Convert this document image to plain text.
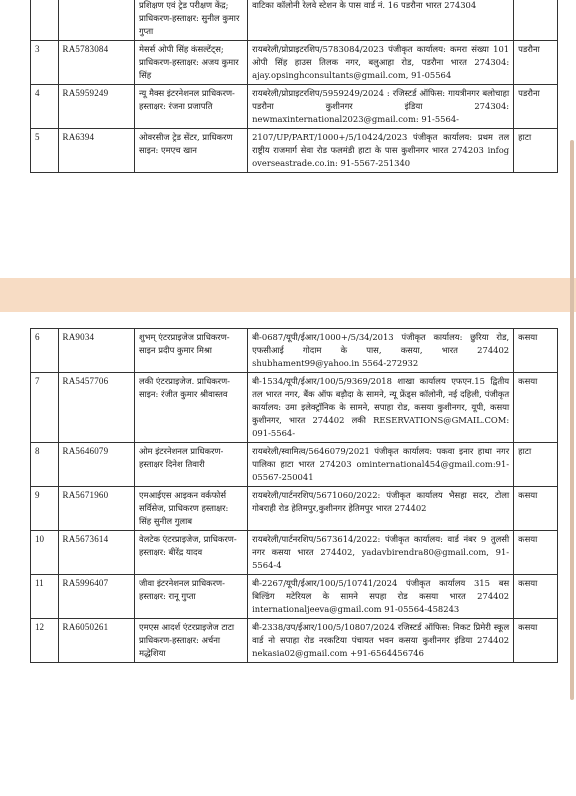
		प्रशिक्षण एवं ट्रेड परीक्षण केंद्र; प्राधिकरण-हस्ताक्षर: सुनील कुमार गुप्ता	वाटिका कॉलोनी रेलवे स्टेशन के पास वार्ड नं. 16 पडरौना भारत 274304	
3	RA5783084	मेसर्स ओपी सिंह कंसल्टेंट्स; प्राधिकरण-हस्ताक्षर: अजय कुमार सिंह	रायबरेली/प्रोप्राइटरशिप/5783084/2023 पंजीकृत कार्यालय: कमरा संख्या 101 ओपी सिंह हाउस तिलक नगर, बलुआहा रोड, पडरौना भारत 274304: ajay.opsinghconsultants@gmail.com, 91-05564	पडरौना
4	RA5959249	न्यू मैक्स इंटरनेशनल प्राधिकरण-हस्ताक्षर: रंजना प्रजापति	रायबरेली/प्रोप्राइटरशिप/5959249/2024 : रजिस्टर्ड ऑफिस: गायत्रीनगर बलोचाहा पडरौना कुशीनगर इंडिया 274304: newmaxinternational2023@gmail.com: 91-5564-	पडरौना
5	RA6394	ओवरसीज ट्रेड सेंटर, प्राधिकरण साइन: एमएच खान	2107/UP/PART/1000+/5/10424/2023 पंजीकृत कार्यालय: प्रथम तल राष्ट्रीय राजमार्ग सेवा रोड फलमंडी हाटा के पास कुशीनगर भारत 274203 infog overseastrade.co.in: 91-5567-251340	हाटा
6	RA9034	शुभम् एंटरप्राइजेज प्राधिकरण-साइन प्रदीप कुमार मिश्रा	बी-0687/यूपी/ईआर/1000+/5/34/2013 पंजीकृत कार्यालय: छुरिया रोड, एफसीआई गोदाम के पास, कसया, भारत 274402 shubhament99@yahoo.in 5564-272932	कसया
7	RA5457706	लकी एंटरप्राइजेज. प्राधिकरण-साइन: रंजीत कुमार श्रीवास्तव	बी-1534/यूपी/ईआर/100/5/9369/2018 शाखा कार्यालय एफएन.15 द्वितीय तल भारत नगर, बैंक ऑफ बड़ौदा के सामने, न्यू फ्रेंड्स कॉलोनी, नई दहिली, पंजीकृत कार्यालय: उमा इलेक्ट्रॉनिक के सामने, सपाहा रोड, कसया कुशीनगर, यूपी, कसया कुशीनगर, भारत 274402 लकी RESERVATIONS@GMAIL.COM: 091-5564-	कसया
8	RA5646079	ओम इंटरनेशनल प्राधिकरण-हस्ताक्षर दिनेश तिवारी	रायबरेली/स्वामित्व/5646079/2021 पंजीकृत कार्यालय: पकवा इनार हाथा नगर पालिका हाटा भारत 274203 ominternational454@gmail.com:91-05567-250041	हाटा
9	RA5671960	एमआईएस आइकन वर्कफोर्स सर्विसेज, प्राधिकरण हस्ताक्षर: सिंह सुनील गुलाब	रायबरेली/पार्टनरशिप/5671060/2022: पंजीकृत कार्यालय भैसहा सदर, टोला गोबराही रोड हेतिमपुर,कुशीनगर हेतिमपुर भारत 274402	कसया
10	RA5673614	वेलटेक एंटरप्राइजेज, प्राधिकरण-हस्ताक्षर: बीरेंद्र यादव	रायबरेली/पार्टनरशिप/5673614/2022: पंजीकृत कार्यालय: वार्ड नंबर 9 तुलसी नगर कसया भारत 274402, yadavbirendra80@gmail.com, 91-5564-4	कसया
11	RA5996407	जीवा इंटरनेशनल प्राधिकरण-हस्ताक्षर: रानू गुप्ता	बी-2267/यूपी/ईआर/100/5/10741/2024 पंजीकृत कार्यालय 315 बस बिल्डिंग मटेरियल के सामने सपहा रोड कसया भारत 274402 internationaljeeva@gmail.com 91-05564-458243	कसया
12	RA6050261	एमएस आदर्श एंटरप्राइजेज टाटा प्राधिकरण-हस्ताक्षर: अर्चना मद्धेशिया	बी-2338/उप/ईआर/100/5/10807/2024 रजिस्टर्ड ऑफिस: निकट प्रिमेरी स्कूल वार्ड नो सपाहा रोड नरकटिया पंचायत भवन कसया कुशीनगर इंडिया 274402 nekasia02@gmail.com +91-6564456746	कसया
